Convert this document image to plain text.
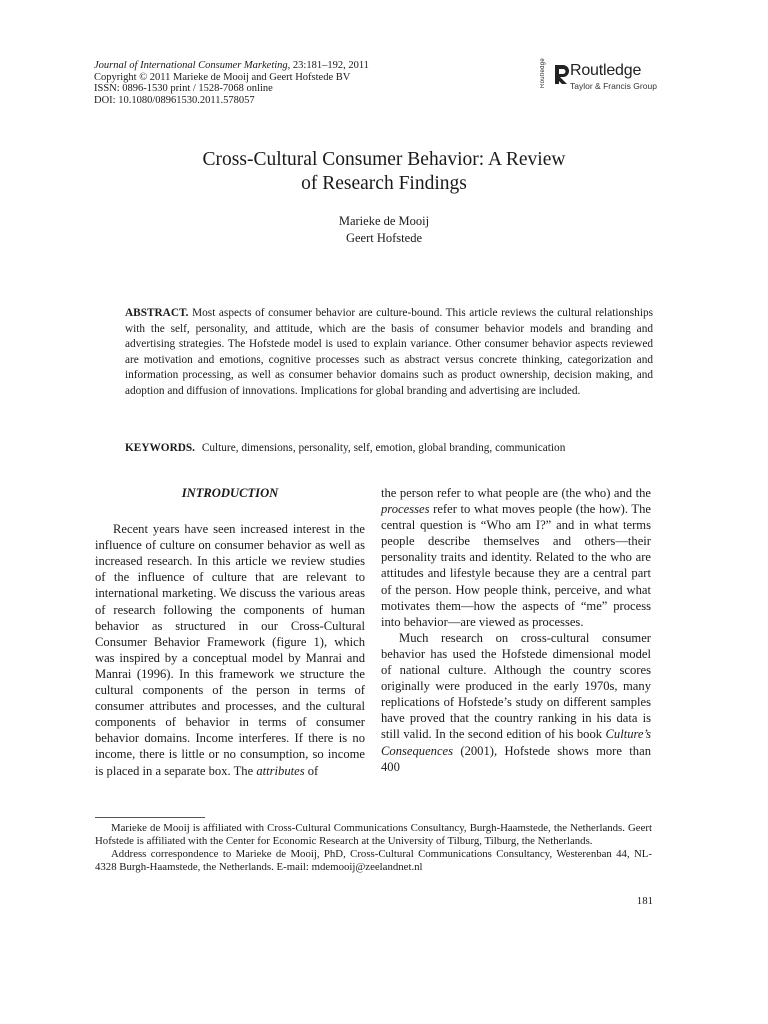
Journal of International Consumer Marketing, 23:181–192, 2011
Copyright © 2011 Marieke de Mooij and Geert Hofstede BV
ISSN: 0896-1530 print / 1528-7068 online
DOI: 10.1080/08961530.2011.578057
Routledge	Routledge
Taylor & Francis Group
Cross-Cultural Consumer Behavior: A Review
of Research Findings
Marieke de Mooij
Geert Hofstede

ABSTRACT. Most aspects of consumer behavior are culture-bound. This article reviews the cultural relationships with the self, personality, and attitude, which are the basis of consumer behavior models and branding and advertising strategies. The Hofstede model is used to explain variance. Other consumer behavior aspects reviewed are motivation and emotions, cognitive processes such as abstract versus concrete thinking, categorization and information processing, as well as consumer behavior domains such as product ownership, decision making, and adoption and diffusion of innovations. Implications for global branding and advertising are included.

KEYWORDS. Culture, dimensions, personality, self, emotion, global branding, communication
INTRODUCTION

Recent years have seen increased interest in the influence of culture on consumer behavior as well as increased research. In this article we review studies of the influence of culture that are relevant to international marketing. We discuss the various areas of research following the components of human behavior as structured in our Cross-Cultural Consumer Behavior Framework (figure 1), which was inspired by a conceptual model by Manrai and Manrai (1996). In this framework we structure the cultural components of the person in terms of consumer attributes and processes, and the cultural components of behavior in terms of consumer behavior domains. Income interferes. If there is no income, there is little or no consumption, so income is placed in a separate box. The attributes of

the person refer to what people are (the who) and the processes refer to what moves people (the how). The central question is “Who am I?” and in what terms people describe themselves and others—their personality traits and identity. Related to the who are attitudes and lifestyle because they are a central part of the person. How people think, perceive, and what motivates them—how the aspects of “me” process into behavior—are viewed as processes.

Much research on cross-cultural consumer behavior has used the Hofstede dimensional model of national culture. Although the country scores originally were produced in the early 1970s, many replications of Hofstede’s study on different samples have proved that the country ranking in his data is still valid. In the second edition of his book Culture’s Consequences (2001), Hofstede shows more than 400

Marieke de Mooij is affiliated with Cross-Cultural Communications Consultancy, Burgh-Haamstede, the Netherlands. Geert Hofstede is affiliated with the Center for Economic Research at the University of Tilburg, Tilburg, the Netherlands.

Address correspondence to Marieke de Mooij, PhD, Cross-Cultural Communications Consultancy, Westerenban 44, NL-4328 Burgh-Haamstede, the Netherlands. E-mail: mdemooij@zeelandnet.nl

181
